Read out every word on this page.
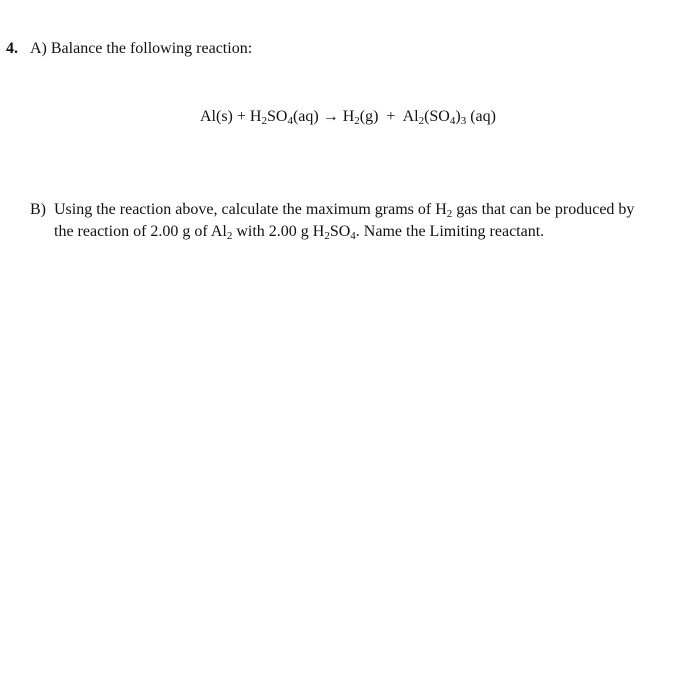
4. A) Balance the following reaction:
$Al(s) + H_2SO_4(aq) \to H_2(g) + Al_2(SO_4)_3$ (aq)
B) Using the reaction above, calculate the maximum grams of $H_2$ gas that can be produced by
the reaction of 2.00 g of $Al_2$ with 2.00 g $H_2SO_4$. Name the Limiting reactant.
